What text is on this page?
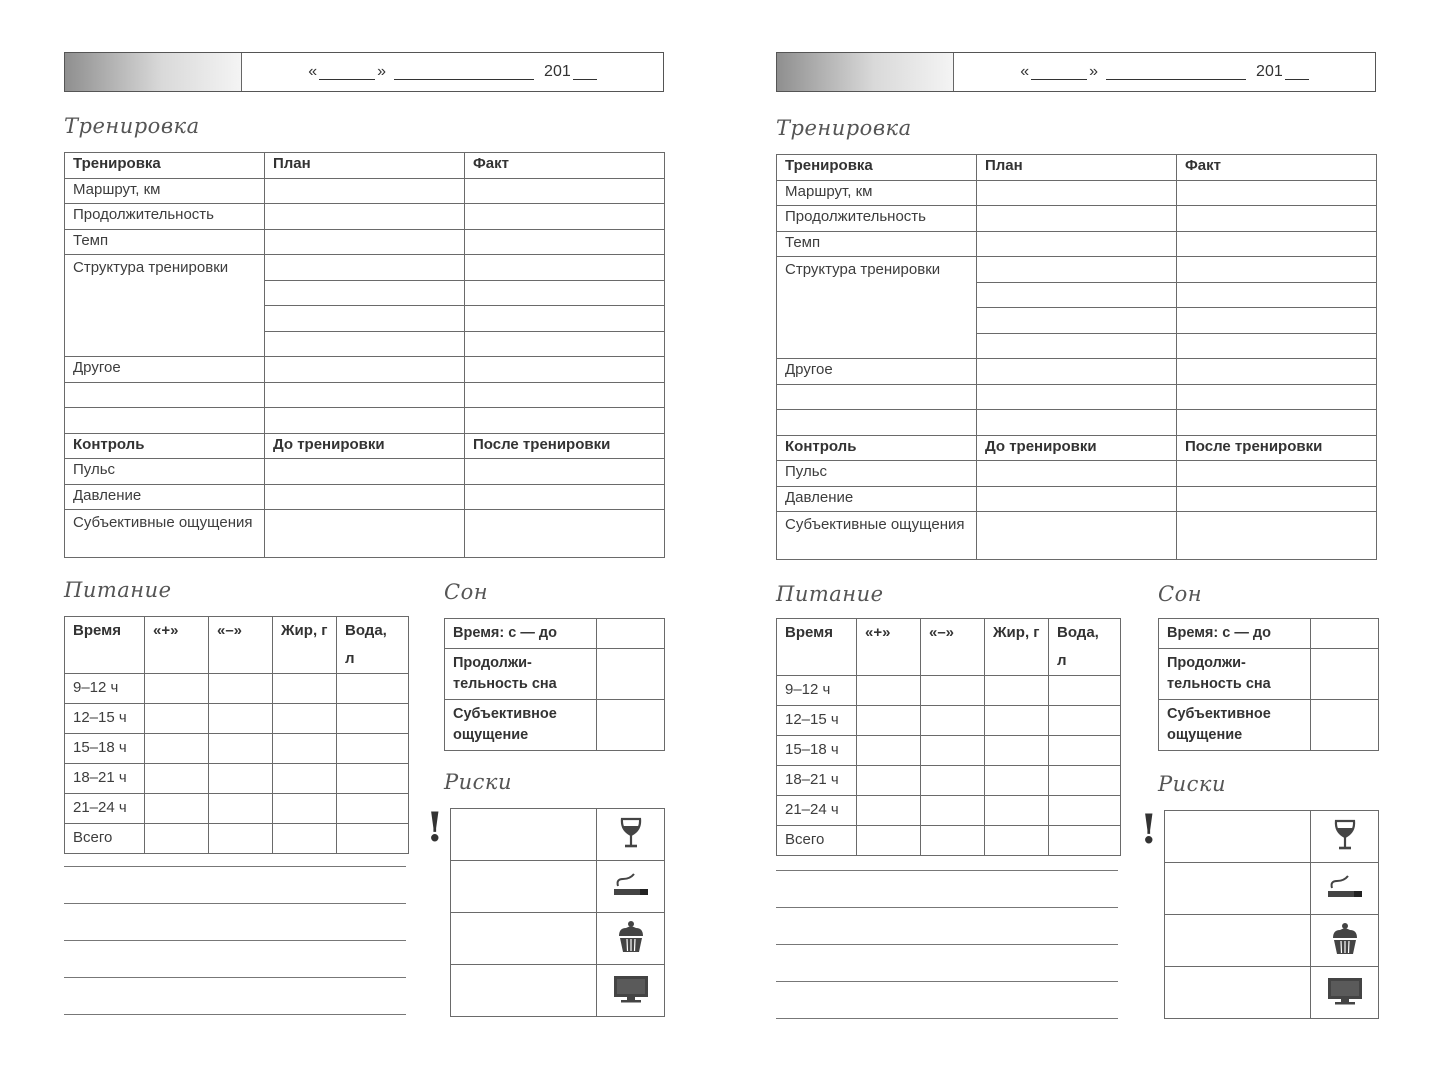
«	»	201
Тренировка
Тренировка	План	Факт
Маршрут, км		
Продолжительность		
Темп		
Структура тренировки		

Другое		

Контроль	До тренировки	После тренировки
Пульс		
Давление		
Субъективные ощущения		
Питание
Время	«+»	«–»	Жир, г	Вода, л
9–12 ч				
12–15 ч				
15–18 ч				
18–21 ч				
21–24 ч				
Всего				
Сон
Время: с — до	
Продолжи-тельность сна	
Субъективное ощущение	
Риски
!

«	»	201
Тренировка
Тренировка	План	Факт
Маршрут, км		
Продолжительность		
Темп		
Структура тренировки		

Другое		

Контроль	До тренировки	После тренировки
Пульс		
Давление		
Субъективные ощущения		
Питание
Время	«+»	«–»	Жир, г	Вода, л
9–12 ч				
12–15 ч				
15–18 ч				
18–21 ч				
21–24 ч				
Всего				
Сон
Время: с — до	
Продолжи-тельность сна	
Субъективное ощущение	
Риски
!
